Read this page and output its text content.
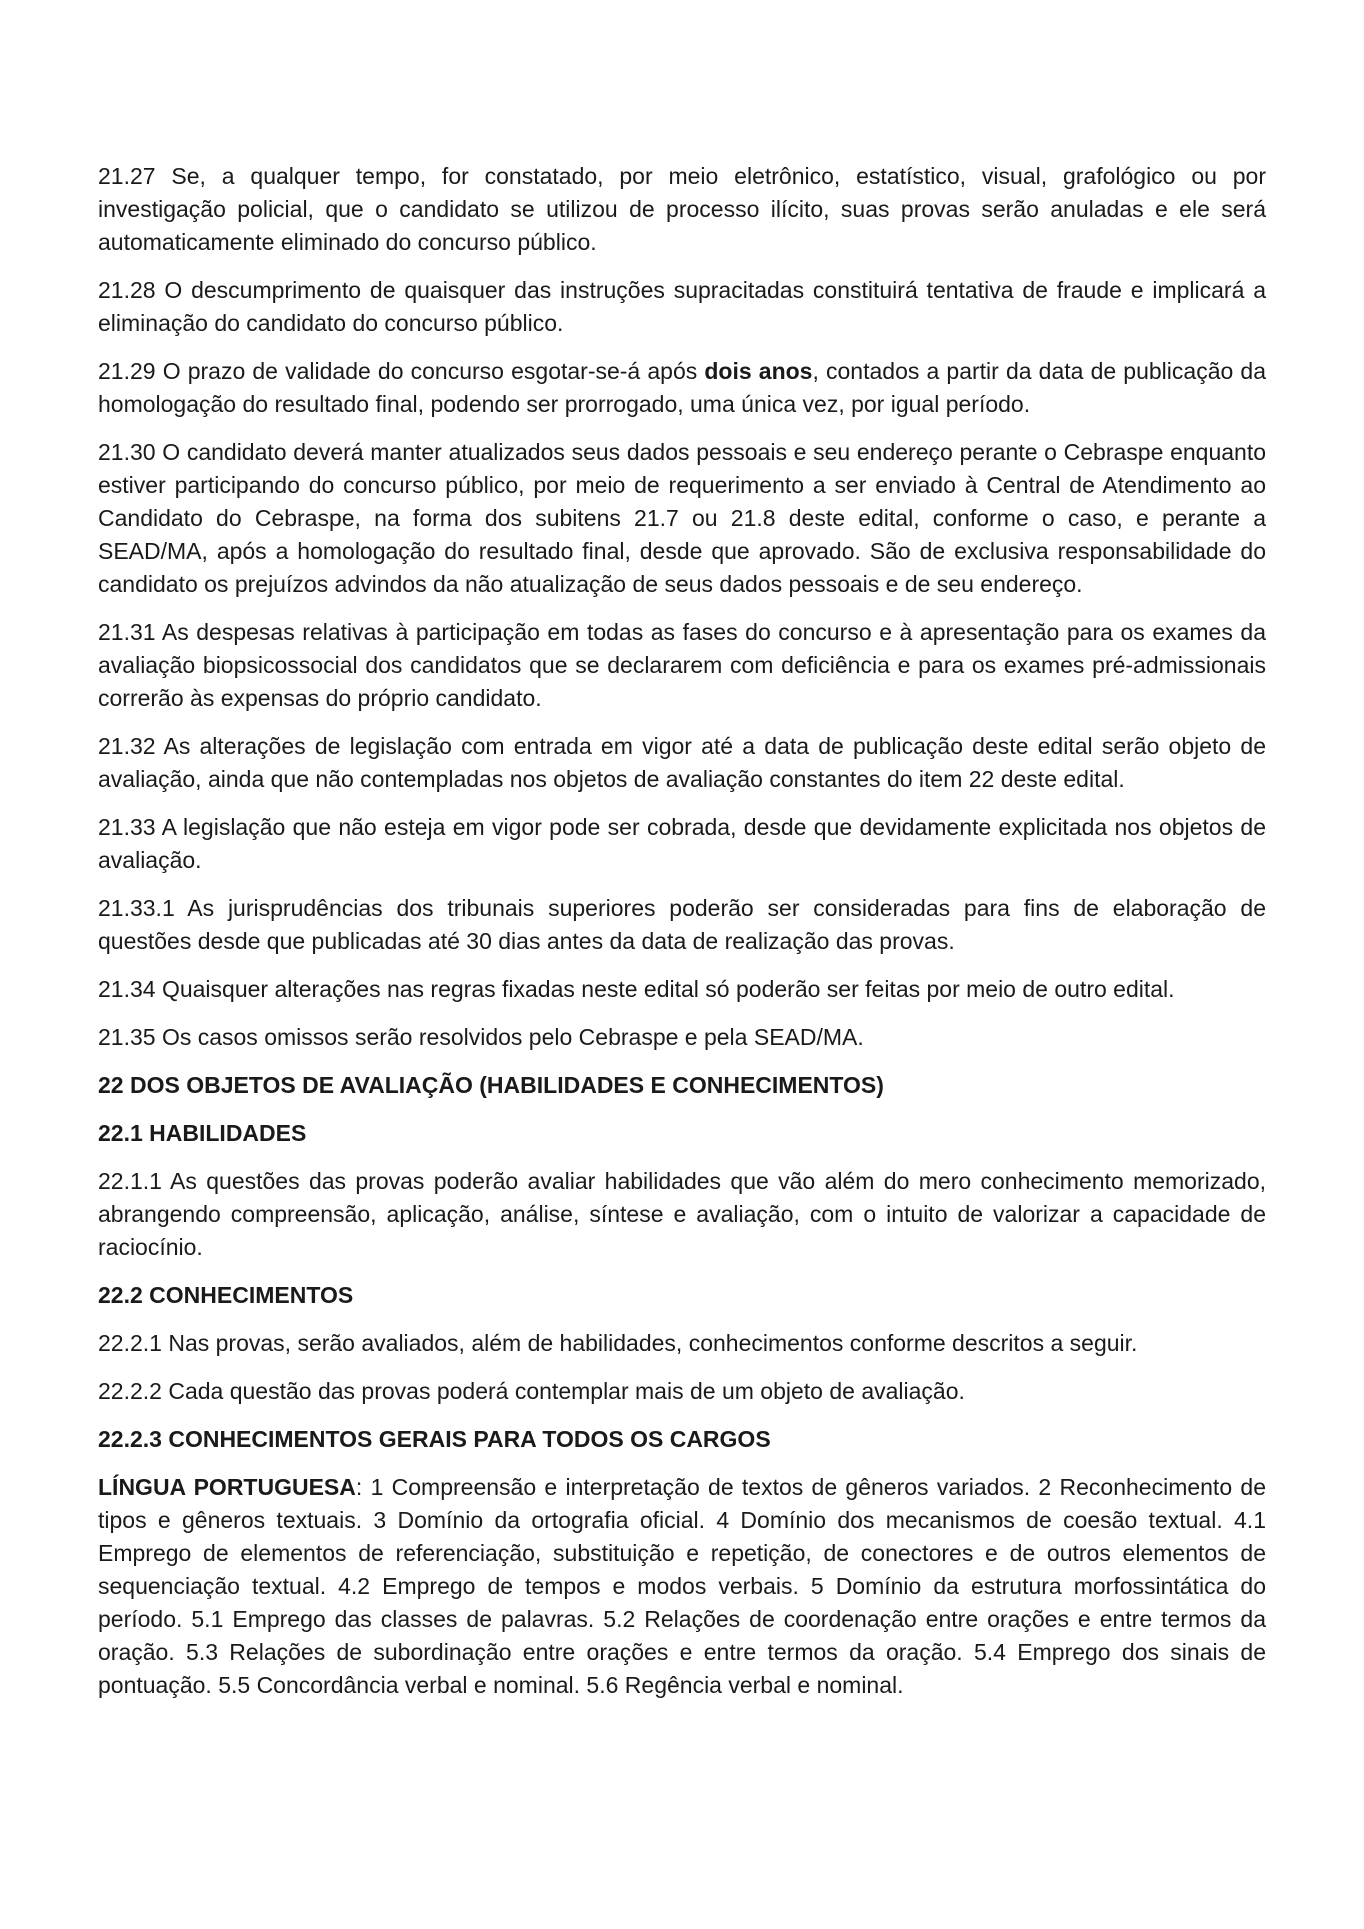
21.27 Se, a qualquer tempo, for constatado, por meio eletrônico, estatístico, visual, grafológico ou por investigação policial, que o candidato se utilizou de processo ilícito, suas provas serão anuladas e ele será automaticamente eliminado do concurso público.

21.28 O descumprimento de quaisquer das instruções supracitadas constituirá tentativa de fraude e implicará a eliminação do candidato do concurso público.

21.29 O prazo de validade do concurso esgotar-se-á após dois anos, contados a partir da data de publicação da homologação do resultado final, podendo ser prorrogado, uma única vez, por igual período.

21.30 O candidato deverá manter atualizados seus dados pessoais e seu endereço perante o Cebraspe enquanto estiver participando do concurso público, por meio de requerimento a ser enviado à Central de Atendimento ao Candidato do Cebraspe, na forma dos subitens 21.7 ou 21.8 deste edital, conforme o caso, e perante a SEAD/MA, após a homologação do resultado final, desde que aprovado. São de exclusiva responsabilidade do candidato os prejuízos advindos da não atualização de seus dados pessoais e de seu endereço.

21.31 As despesas relativas à participação em todas as fases do concurso e à apresentação para os exames da avaliação biopsicossocial dos candidatos que se declararem com deficiência e para os exames pré-admissionais correrão às expensas do próprio candidato.

21.32 As alterações de legislação com entrada em vigor até a data de publicação deste edital serão objeto de avaliação, ainda que não contempladas nos objetos de avaliação constantes do item 22 deste edital.

21.33 A legislação que não esteja em vigor pode ser cobrada, desde que devidamente explicitada nos objetos de avaliação.

21.33.1 As jurisprudências dos tribunais superiores poderão ser consideradas para fins de elaboração de questões desde que publicadas até 30 dias antes da data de realização das provas.

21.34 Quaisquer alterações nas regras fixadas neste edital só poderão ser feitas por meio de outro edital.

21.35 Os casos omissos serão resolvidos pelo Cebraspe e pela SEAD/MA.

22 DOS OBJETOS DE AVALIAÇÃO (HABILIDADES E CONHECIMENTOS)

22.1 HABILIDADES

22.1.1 As questões das provas poderão avaliar habilidades que vão além do mero conhecimento memorizado, abrangendo compreensão, aplicação, análise, síntese e avaliação, com o intuito de valorizar a capacidade de raciocínio.

22.2 CONHECIMENTOS

22.2.1 Nas provas, serão avaliados, além de habilidades, conhecimentos conforme descritos a seguir.

22.2.2 Cada questão das provas poderá contemplar mais de um objeto de avaliação.

22.2.3 CONHECIMENTOS GERAIS PARA TODOS OS CARGOS

LÍNGUA PORTUGUESA: 1 Compreensão e interpretação de textos de gêneros variados. 2 Reconhecimento de tipos e gêneros textuais. 3 Domínio da ortografia oficial. 4 Domínio dos mecanismos de coesão textual. 4.1 Emprego de elementos de referenciação, substituição e repetição, de conectores e de outros elementos de sequenciação textual. 4.2 Emprego de tempos e modos verbais. 5 Domínio da estrutura morfossintática do período. 5.1 Emprego das classes de palavras. 5.2 Relações de coordenação entre orações e entre termos da oração. 5.3 Relações de subordinação entre orações e entre termos da oração. 5.4 Emprego dos sinais de pontuação. 5.5 Concordância verbal e nominal. 5.6 Regência verbal e nominal.
